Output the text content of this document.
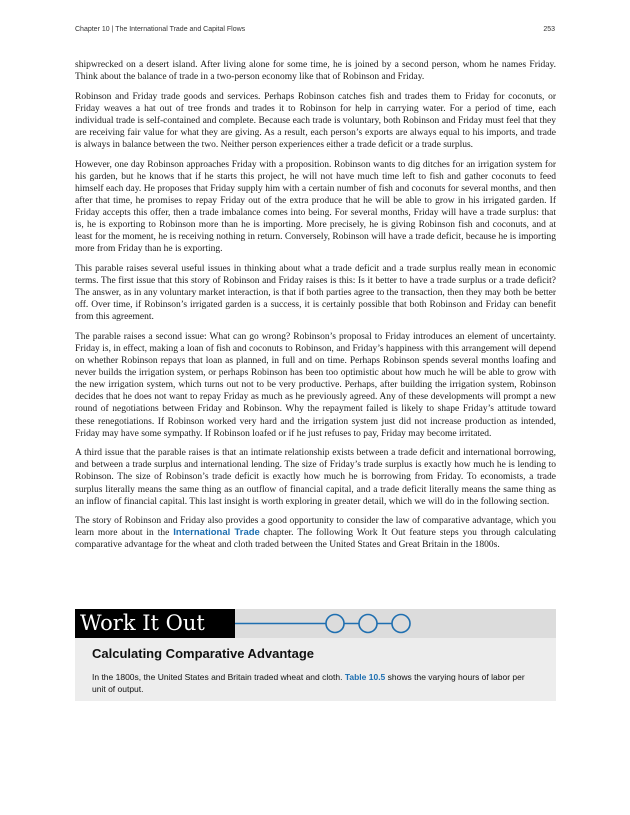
Chapter 10 | The International Trade and Capital Flows	253

shipwrecked on a desert island. After living alone for some time, he is joined by a second person, whom he names Friday. Think about the balance of trade in a two-person economy like that of Robinson and Friday.

Robinson and Friday trade goods and services. Perhaps Robinson catches fish and trades them to Friday for coconuts, or Friday weaves a hat out of tree fronds and trades it to Robinson for help in carrying water. For a period of time, each individual trade is self-contained and complete. Because each trade is voluntary, both Robinson and Friday must feel that they are receiving fair value for what they are giving. As a result, each person’s exports are always equal to his imports, and trade is always in balance between the two. Neither person experiences either a trade deficit or a trade surplus.

However, one day Robinson approaches Friday with a proposition. Robinson wants to dig ditches for an irrigation system for his garden, but he knows that if he starts this project, he will not have much time left to fish and gather coconuts to feed himself each day. He proposes that Friday supply him with a certain number of fish and coconuts for several months, and then after that time, he promises to repay Friday out of the extra produce that he will be able to grow in his irrigated garden. If Friday accepts this offer, then a trade imbalance comes into being. For several months, Friday will have a trade surplus: that is, he is exporting to Robinson more than he is importing. More precisely, he is giving Robinson fish and coconuts, and at least for the moment, he is receiving nothing in return. Conversely, Robinson will have a trade deficit, because he is importing more from Friday than he is exporting.

This parable raises several useful issues in thinking about what a trade deficit and a trade surplus really mean in economic terms. The first issue that this story of Robinson and Friday raises is this: Is it better to have a trade surplus or a trade deficit? The answer, as in any voluntary market interaction, is that if both parties agree to the transaction, then they may both be better off. Over time, if Robinson’s irrigated garden is a success, it is certainly possible that both Robinson and Friday can benefit from this agreement.

The parable raises a second issue: What can go wrong? Robinson’s proposal to Friday introduces an element of uncertainty. Friday is, in effect, making a loan of fish and coconuts to Robinson, and Friday’s happiness with this arrangement will depend on whether Robinson repays that loan as planned, in full and on time. Perhaps Robinson spends several months loafing and never builds the irrigation system, or perhaps Robinson has been too optimistic about how much he will be able to grow with the new irrigation system, which turns out not to be very productive. Perhaps, after building the irrigation system, Robinson decides that he does not want to repay Friday as much as he previously agreed. Any of these developments will prompt a new round of negotiations between Friday and Robinson. Why the repayment failed is likely to shape Friday’s attitude toward these renegotiations. If Robinson worked very hard and the irrigation system just did not increase production as intended, Friday may have some sympathy. If Robinson loafed or if he just refuses to pay, Friday may become irritated.

A third issue that the parable raises is that an intimate relationship exists between a trade deficit and international borrowing, and between a trade surplus and international lending. The size of Friday’s trade surplus is exactly how much he is lending to Robinson. The size of Robinson’s trade deficit is exactly how much he is borrowing from Friday. To economists, a trade surplus literally means the same thing as an outflow of financial capital, and a trade deficit literally means the same thing as an inflow of financial capital. This last insight is worth exploring in greater detail, which we will do in the following section.

The story of Robinson and Friday also provides a good opportunity to consider the law of comparative advantage, which you learn more about in the International Trade chapter. The following Work It Out feature steps you through calculating comparative advantage for the wheat and cloth traded between the United States and Great Britain in the 1800s.

Work It Out
Calculating Comparative Advantage
In the 1800s, the United States and Britain traded wheat and cloth. Table 10.5 shows the varying hours of labor per unit of output.
